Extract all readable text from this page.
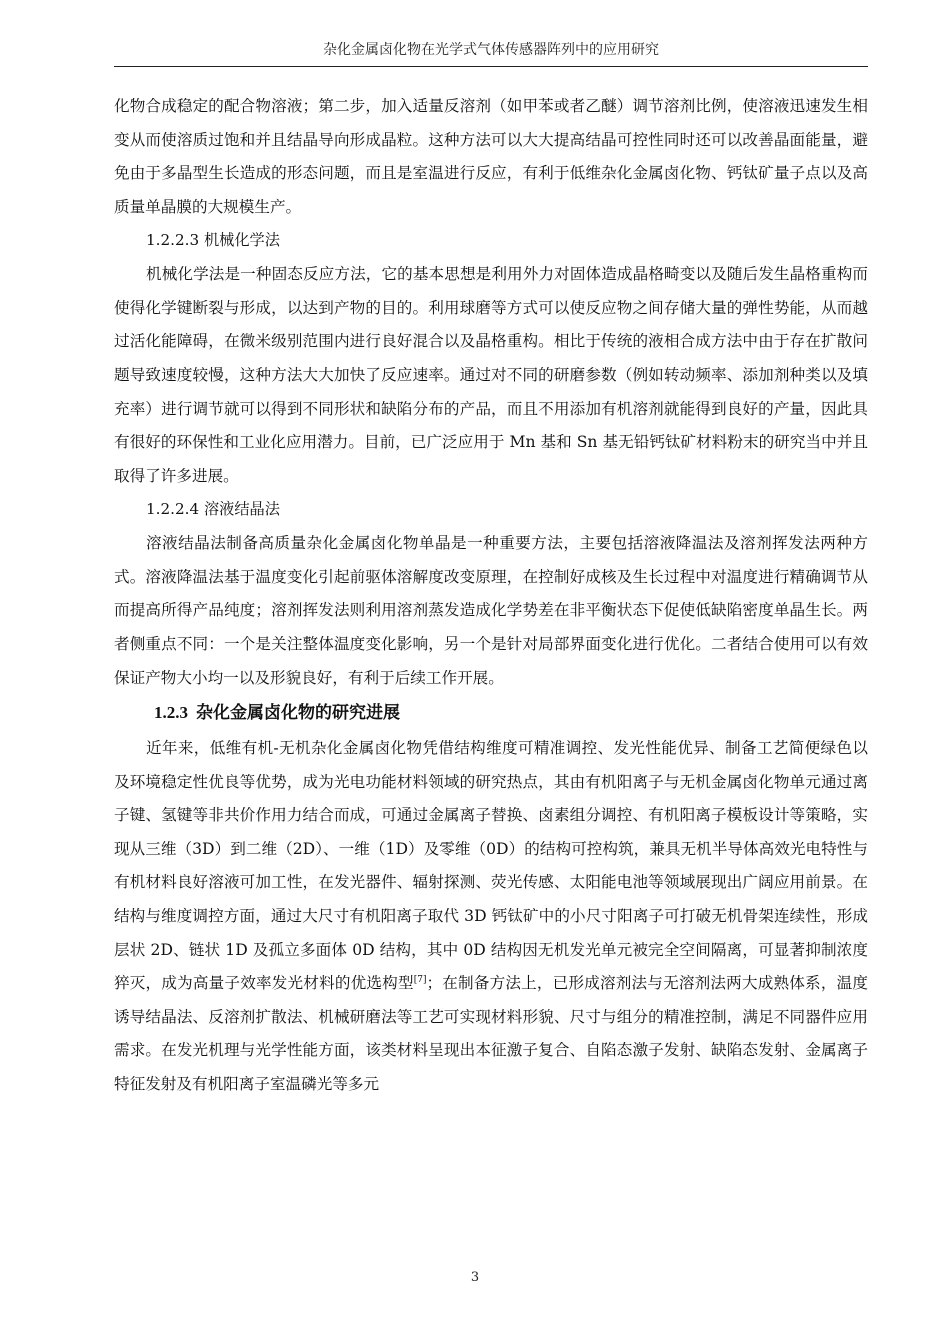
杂化金属卤化物在光学式气体传感器阵列中的应用研究

化物合成稳定的配合物溶液；第二步，加入适量反溶剂（如甲苯或者乙醚）调节溶剂比例，使溶液迅速发生相变从而使溶质过饱和并且结晶导向形成晶粒。这种方法可以大大提高结晶可控性同时还可以改善晶面能量，避免由于多晶型生长造成的形态问题，而且是室温进行反应，有利于低维杂化金属卤化物、钙钛矿量子点以及高质量单晶膜的大规模生产。

1.2.2.3 机械化学法

机械化学法是一种固态反应方法，它的基本思想是利用外力对固体造成晶格畸变以及随后发生晶格重构而使得化学键断裂与形成，以达到产物的目的。利用球磨等方式可以使反应物之间存储大量的弹性势能，从而越过活化能障碍，在微米级别范围内进行良好混合以及晶格重构。相比于传统的液相合成方法中由于存在扩散问题导致速度较慢，这种方法大大加快了反应速率。通过对不同的研磨参数（例如转动频率、添加剂种类以及填充率）进行调节就可以得到不同形状和缺陷分布的产品，而且不用添加有机溶剂就能得到良好的产量，因此具有很好的环保性和工业化应用潜力。目前，已广泛应用于 Mn 基和 Sn 基无铅钙钛矿材料粉末的研究当中并且取得了许多进展。

1.2.2.4 溶液结晶法

溶液结晶法制备高质量杂化金属卤化物单晶是一种重要方法，主要包括溶液降温法及溶剂挥发法两种方式。溶液降温法基于温度变化引起前驱体溶解度改变原理，在控制好成核及生长过程中对温度进行精确调节从而提高所得产品纯度；溶剂挥发法则利用溶剂蒸发造成化学势差在非平衡状态下促使低缺陷密度单晶生长。两者侧重点不同：一个是关注整体温度变化影响，另一个是针对局部界面变化进行优化。二者结合使用可以有效保证产物大小均一以及形貌良好，有利于后续工作开展。

1.2.3 杂化金属卤化物的研究进展

近年来，低维有机-无机杂化金属卤化物凭借结构维度可精准调控、发光性能优异、制备工艺简便绿色以及环境稳定性优良等优势，成为光电功能材料领域的研究热点，其由有机阳离子与无机金属卤化物单元通过离子键、氢键等非共价作用力结合而成，可通过金属离子替换、卤素组分调控、有机阳离子模板设计等策略，实现从三维（3D）到二维（2D）、一维（1D）及零维（0D）的结构可控构筑，兼具无机半导体高效光电特性与有机材料良好溶液可加工性，在发光器件、辐射探测、荧光传感、太阳能电池等领域展现出广阔应用前景。在结构与维度调控方面，通过大尺寸有机阳离子取代 3D 钙钛矿中的小尺寸阳离子可打破无机骨架连续性，形成层状 2D、链状 1D 及孤立多面体 0D 结构，其中 0D 结构因无机发光单元被完全空间隔离，可显著抑制浓度猝灭，成为高量子效率发光材料的优选构型[7]；在制备方法上，已形成溶剂法与无溶剂法两大成熟体系，温度诱导结晶法、反溶剂扩散法、机械研磨法等工艺可实现材料形貌、尺寸与组分的精准控制，满足不同器件应用需求。在发光机理与光学性能方面，该类材料呈现出本征激子复合、自陷态激子发射、缺陷态发射、金属离子特征发射及有机阳离子室温磷光等多元

3
